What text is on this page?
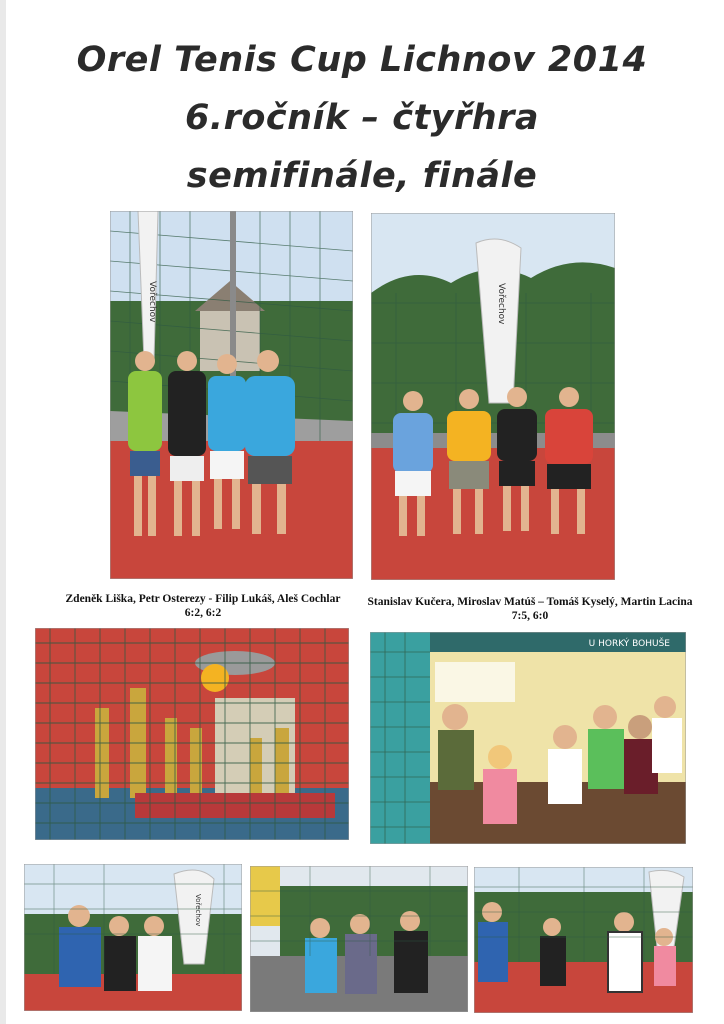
Orel Tenis Cup Lichnov 2014
6.ročník – čtyřhra
semifinále, finále
Vořechov	Vořechov
Zdeněk Liška, Petr Osterezy - Filip Lukáš, Aleš Cochlar
6:2, 6:2
Stanislav Kučera, Miroslav Matúš – Tomáš Kyselý, Martin Lacina
7:5, 6:0
U HORKÝ BOHUŠE
Vořechov
